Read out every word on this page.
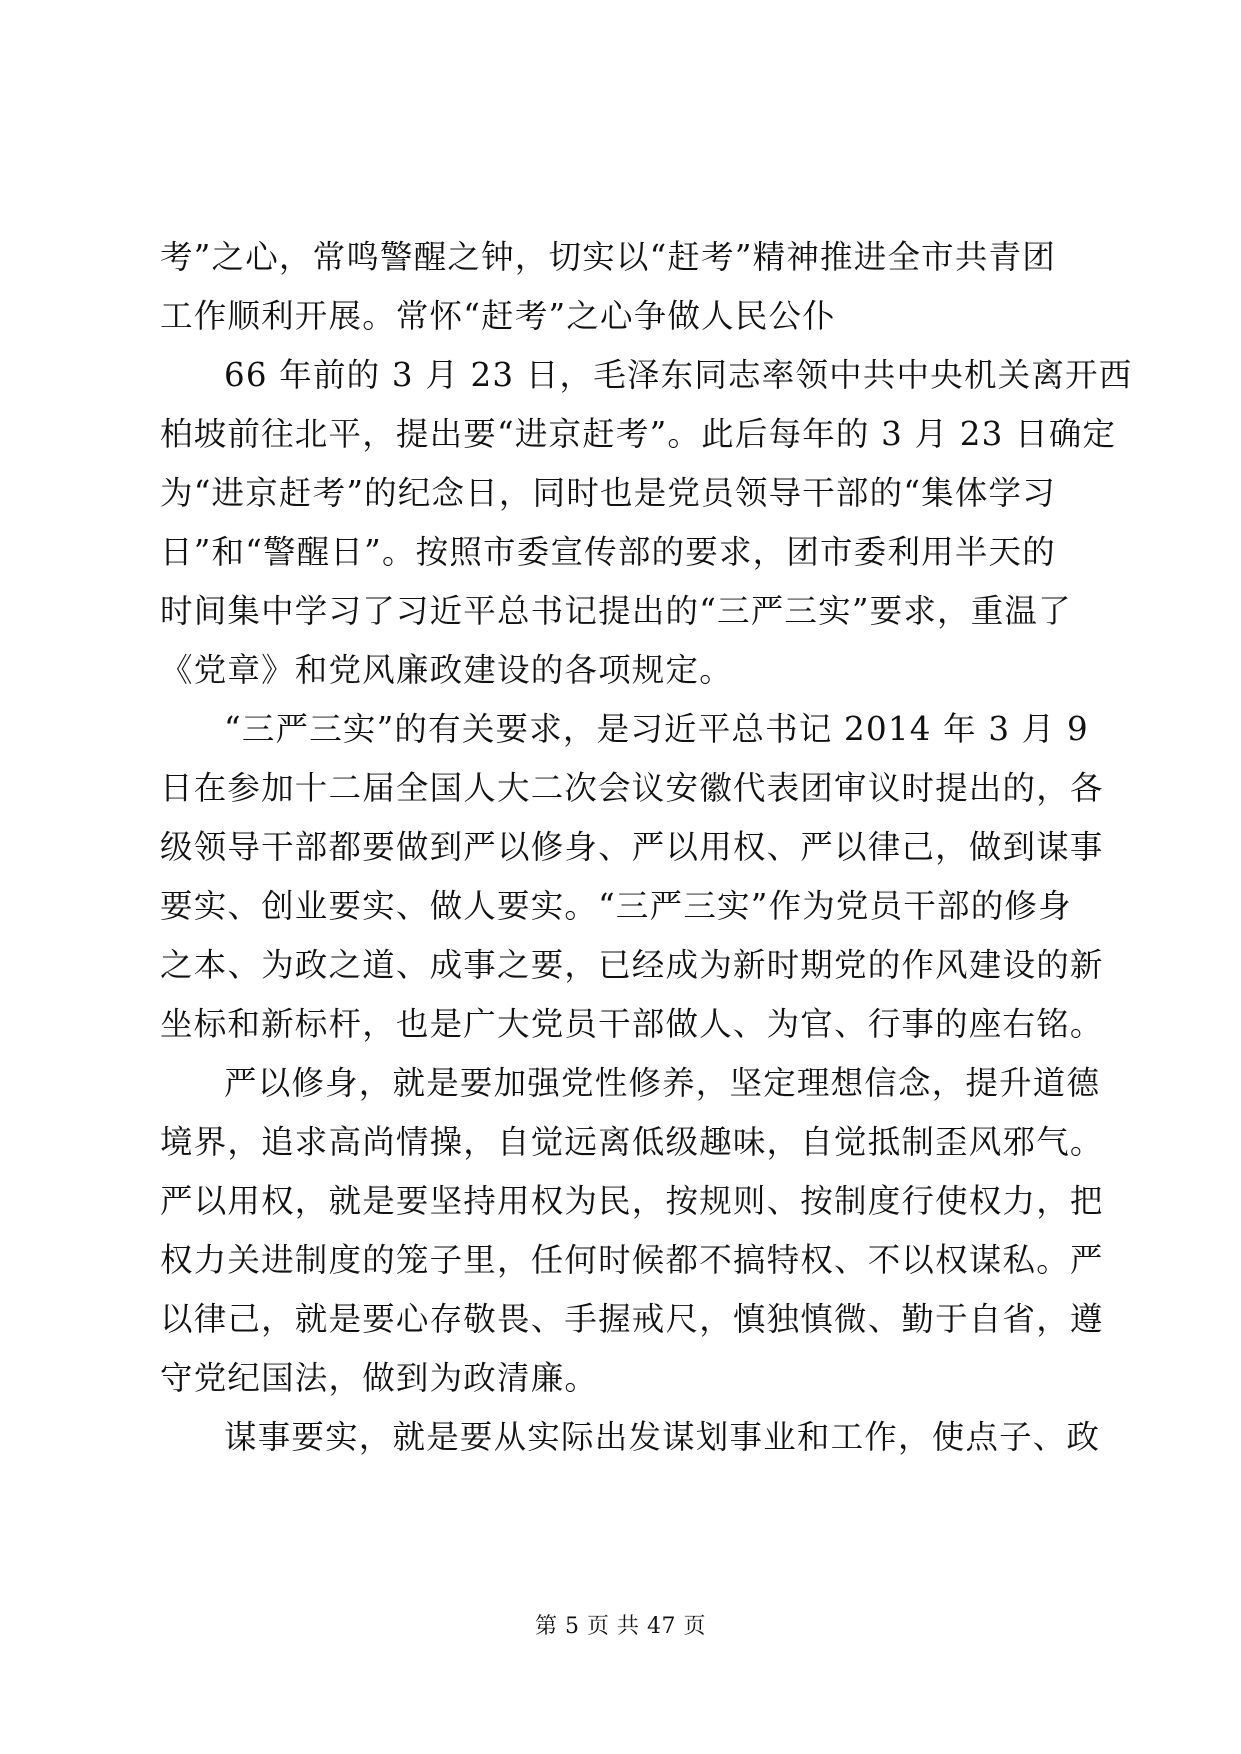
考”之心，常鸣警醒之钟，切实以“赶考”精神推进全市共青团
工作顺利开展。常怀“赶考”之心争做人民公仆
66 年前的 3 月 23 日，毛泽东同志率领中共中央机关离开西
柏坡前往北平，提出要“进京赶考”。此后每年的 3 月 23 日确定
为“进京赶考”的纪念日，同时也是党员领导干部的“集体学习
日”和“警醒日”。按照市委宣传部的要求，团市委利用半天的
时间集中学习了习近平总书记提出的“三严三实”要求，重温了
《党章》和党风廉政建设的各项规定。
“三严三实”的有关要求，是习近平总书记 2014 年 3 月 9
日在参加十二届全国人大二次会议安徽代表团审议时提出的，各
级领导干部都要做到严以修身、严以用权、严以律己，做到谋事
要实、创业要实、做人要实。“三严三实”作为党员干部的修身
之本、为政之道、成事之要，已经成为新时期党的作风建设的新
坐标和新标杆，也是广大党员干部做人、为官、行事的座右铭。
严以修身，就是要加强党性修养，坚定理想信念，提升道德
境界，追求高尚情操，自觉远离低级趣味，自觉抵制歪风邪气。
严以用权，就是要坚持用权为民，按规则、按制度行使权力，把
权力关进制度的笼子里，任何时候都不搞特权、不以权谋私。严
以律己，就是要心存敬畏、手握戒尺，慎独慎微、勤于自省，遵
守党纪国法，做到为政清廉。
谋事要实，就是要从实际出发谋划事业和工作，使点子、政
第 5 页 共 47 页
